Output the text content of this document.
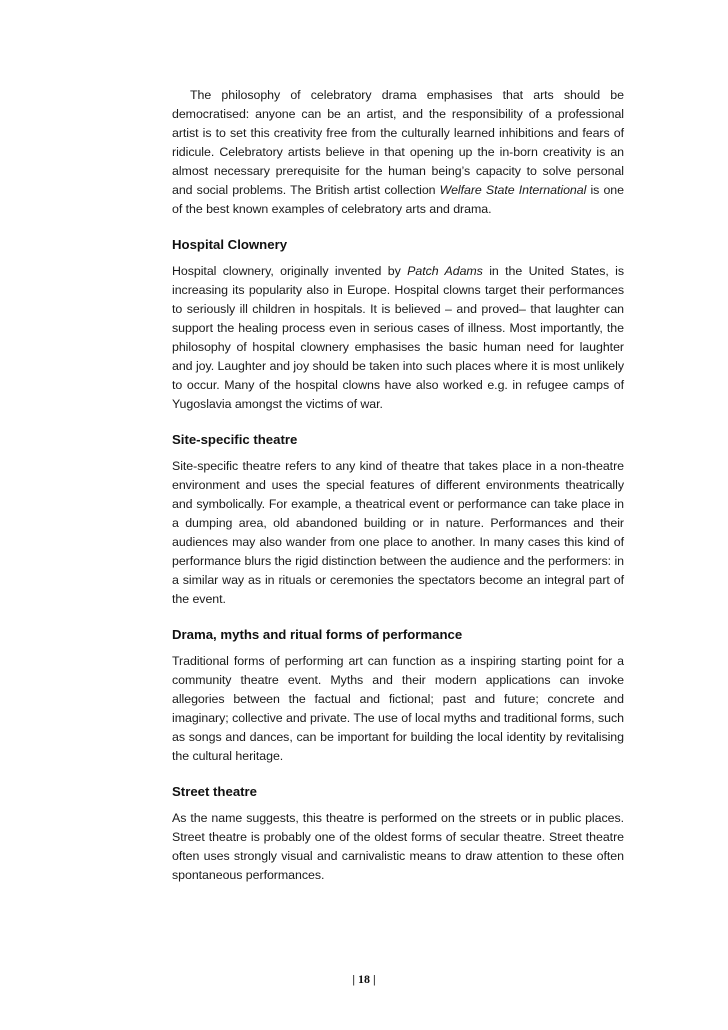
The philosophy of celebratory drama emphasises that arts should be democratised: anyone can be an artist, and the responsibility of a professional artist is to set this creativity free from the culturally learned inhibitions and fears of ridicule. Celebratory artists believe in that opening up the in-born creativity is an almost necessary prerequisite for the human being’s capacity to solve personal and social problems. The British artist collection Welfare State International is one of the best known examples of celebratory arts and drama.

Hospital Clownery

Hospital clownery, originally invented by Patch Adams in the United States, is increasing its popularity also in Europe. Hospital clowns target their performances to seriously ill children in hospitals. It is believed – and proved– that laughter can support the healing process even in serious cases of illness. Most importantly, the philosophy of hospital clownery emphasises the basic human need for laughter and joy. Laughter and joy should be taken into such places where it is most unlikely to occur. Many of the hospital clowns have also worked e.g. in refugee camps of Yugoslavia amongst the victims of war.

Site-specific theatre

Site-specific theatre refers to any kind of theatre that takes place in a non-theatre environment and uses the special features of different environments theatrically and symbolically. For example, a theatrical event or performance can take place in a dumping area, old abandoned building or in nature. Performances and their audiences may also wander from one place to another. In many cases this kind of performance blurs the rigid distinction between the audience and the performers: in a similar way as in rituals or ceremonies the spectators become an integral part of the event.

Drama, myths and ritual forms of performance

Traditional forms of performing art can function as a inspiring starting point for a community theatre event. Myths and their modern applications can invoke allegories between the factual and fictional; past and future; concrete and imaginary; collective and private. The use of local myths and traditional forms, such as songs and dances, can be important for building the local identity by revitalising the cultural heritage.

Street theatre

As the name suggests, this theatre is performed on the streets or in public places. Street theatre is probably one of the oldest forms of secular theatre. Street theatre often uses strongly visual and carnivalistic means to draw attention to these often spontaneous performances.

| 18 |
